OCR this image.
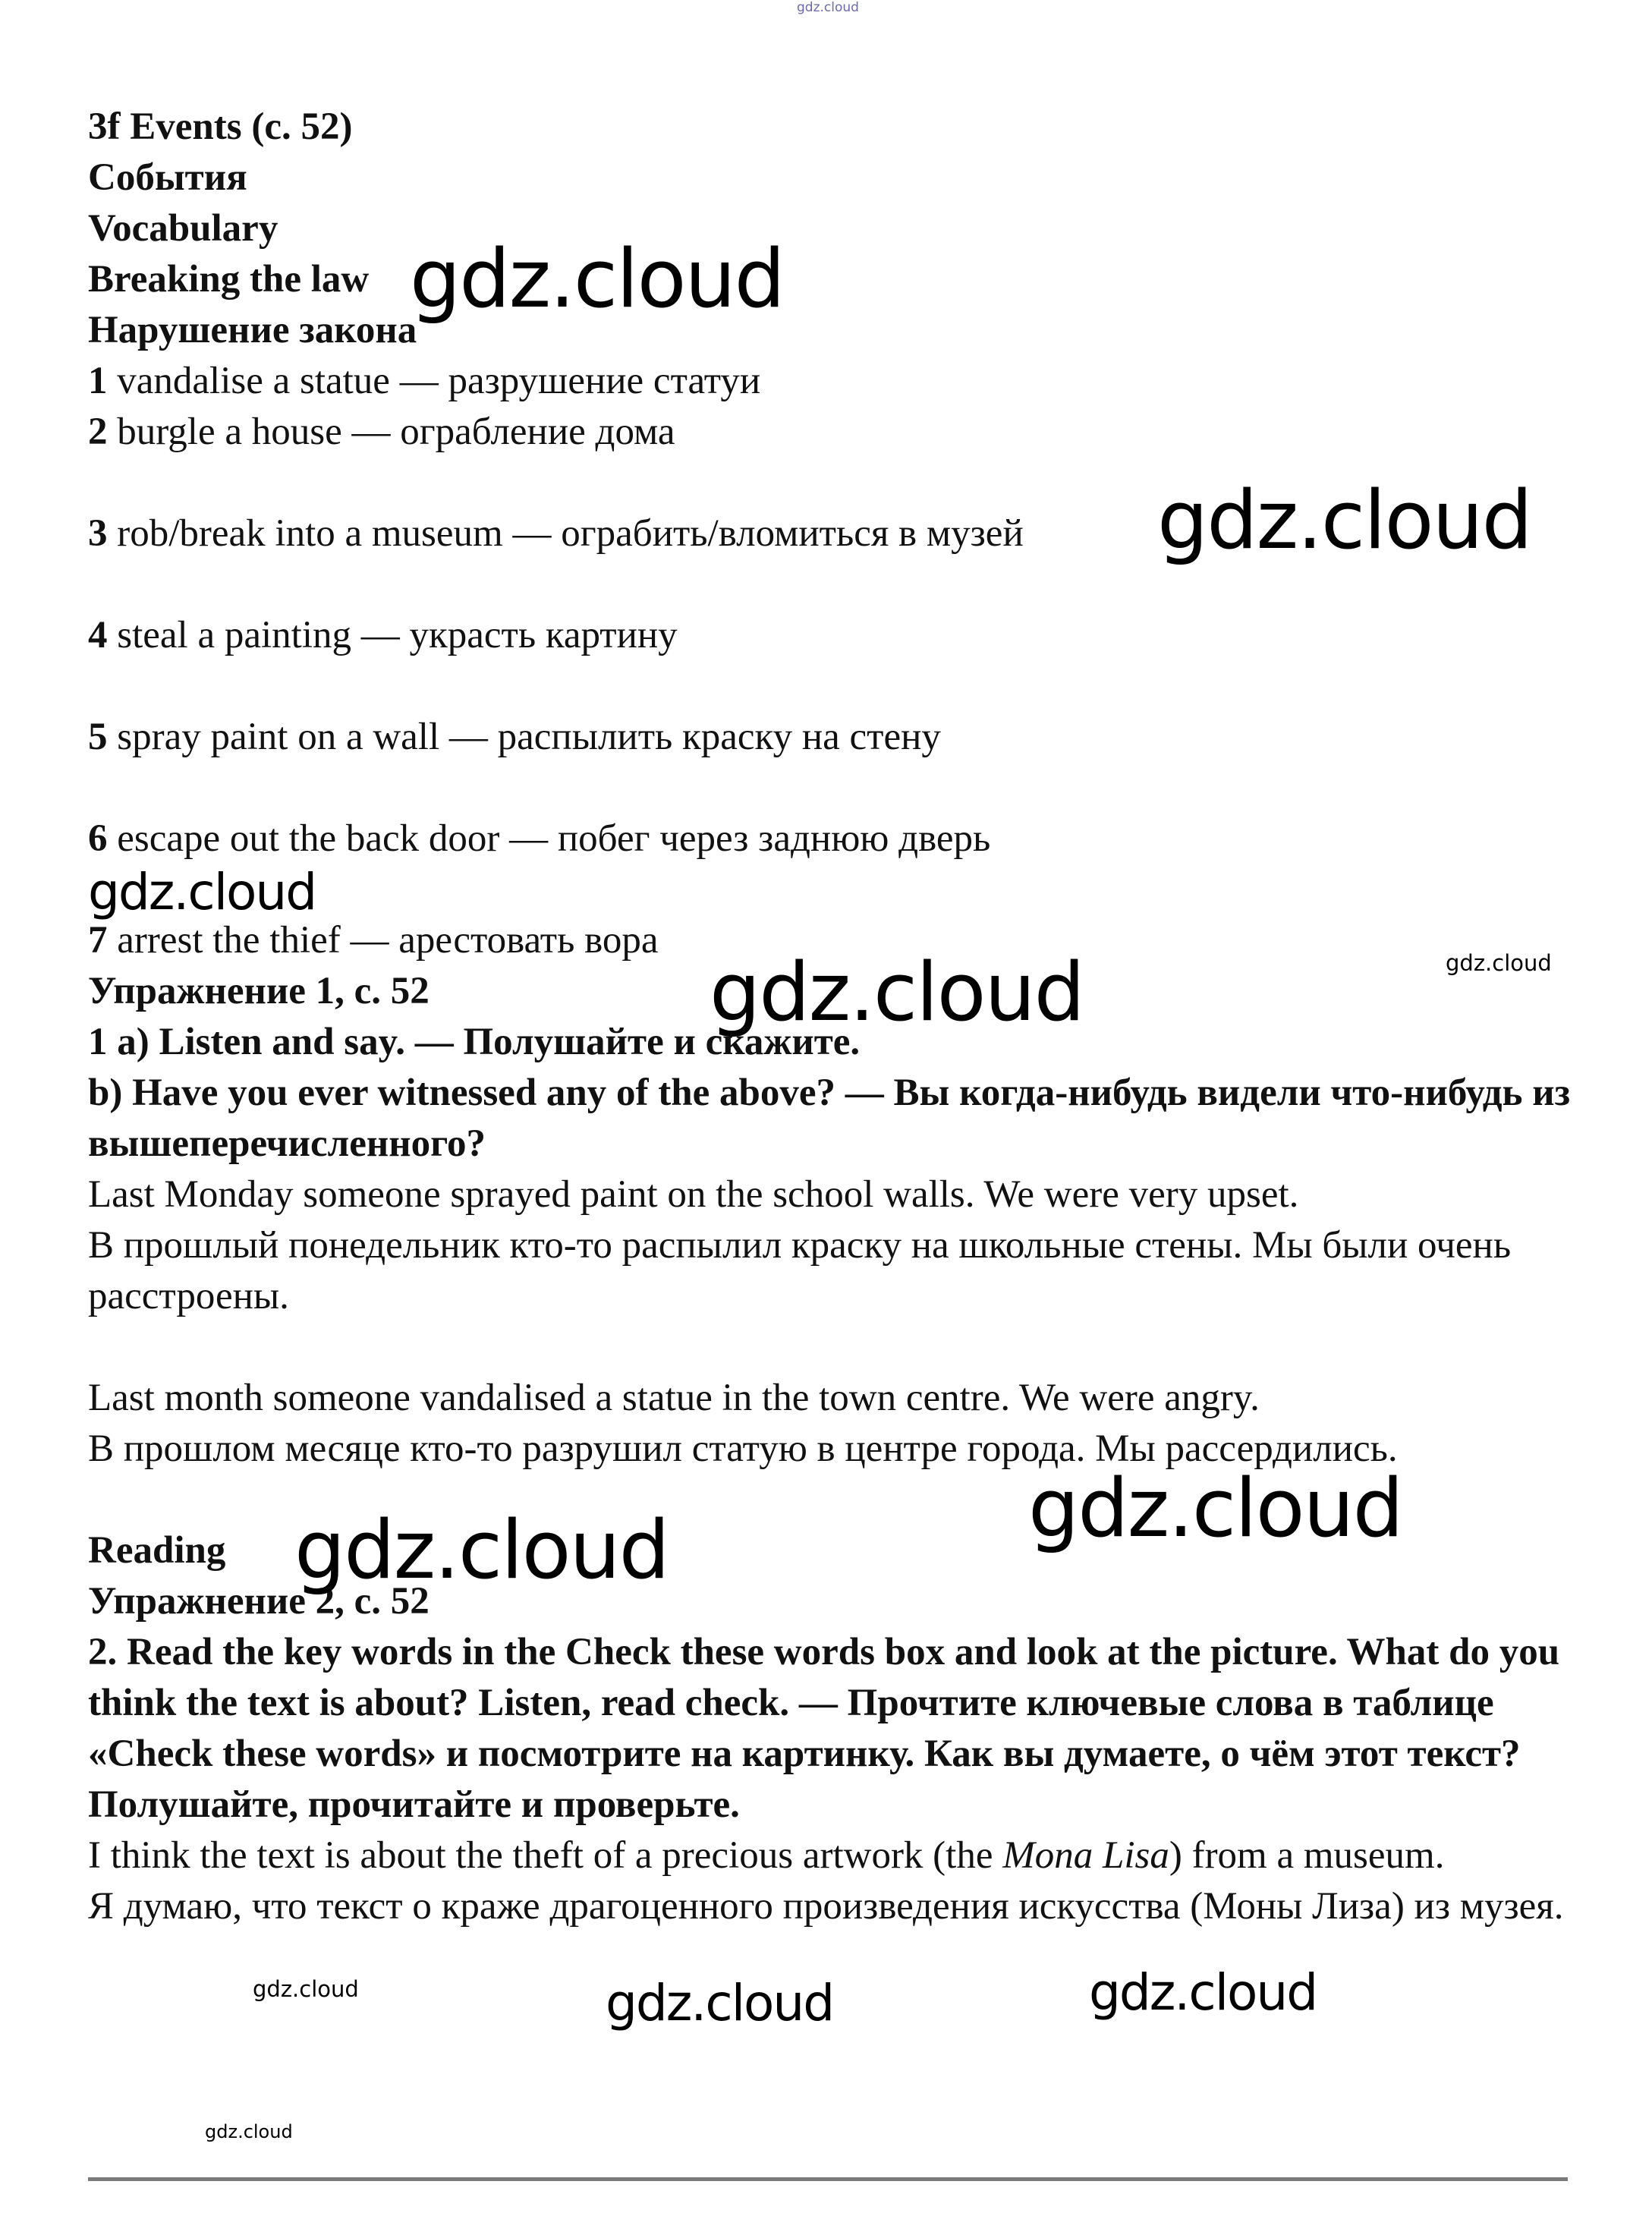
3f Events (с. 52)

События

Vocabulary

Breaking the law

Нарушение закона

1 vandalise a statue — разрушение статуи

2 burgle a house — ограбление дома

3 rob/break into a museum — ограбить/вломиться в музей

4 steal a painting — украсть картину

5 spray paint on a wall — распылить краску на стену

6 escape out the back door — побег через заднюю дверь

7 arrest the thief — арестовать вора

Упражнение 1, с. 52

1 a) Listen and say. — Полушайте и скажите.

b) Have you ever witnessed any of the above? — Вы когда-нибудь видели что-нибудь из вышеперечисленного?

Last Monday someone sprayed paint on the school walls. We were very upset.

В прошлый понедельник кто-то распылил краску на школьные стены. Мы были очень расстроены.

Last month someone vandalised a statue in the town centre. We were angry.

В прошлом месяце кто-то разрушил статую в центре города. Мы рассердились.

Reading

Упражнение 2, с. 52

2. Read the key words in the Check these words box and look at the picture. What do you think the text is about? Listen, read check. — Прочтите ключевые слова в таблице «Check these words» и посмотрите на картинку. Как вы думаете, о чём этот текст? Полушайте, прочитайте и проверьте.

I think the text is about the theft of a precious artwork (the Mona Lisa) from a museum.

Я думаю, что текст о краже драгоценного произведения искусства (Моны Лиза) из музея.

gdz.cloud
gdz.cloud
gdz.cloud
gdz.cloud
gdz.cloud	gdz.cloud
gdz.cloud
gdz.cloud
gdz.cloud	gdz.cloud	gdz.cloud
gdz.cloud
